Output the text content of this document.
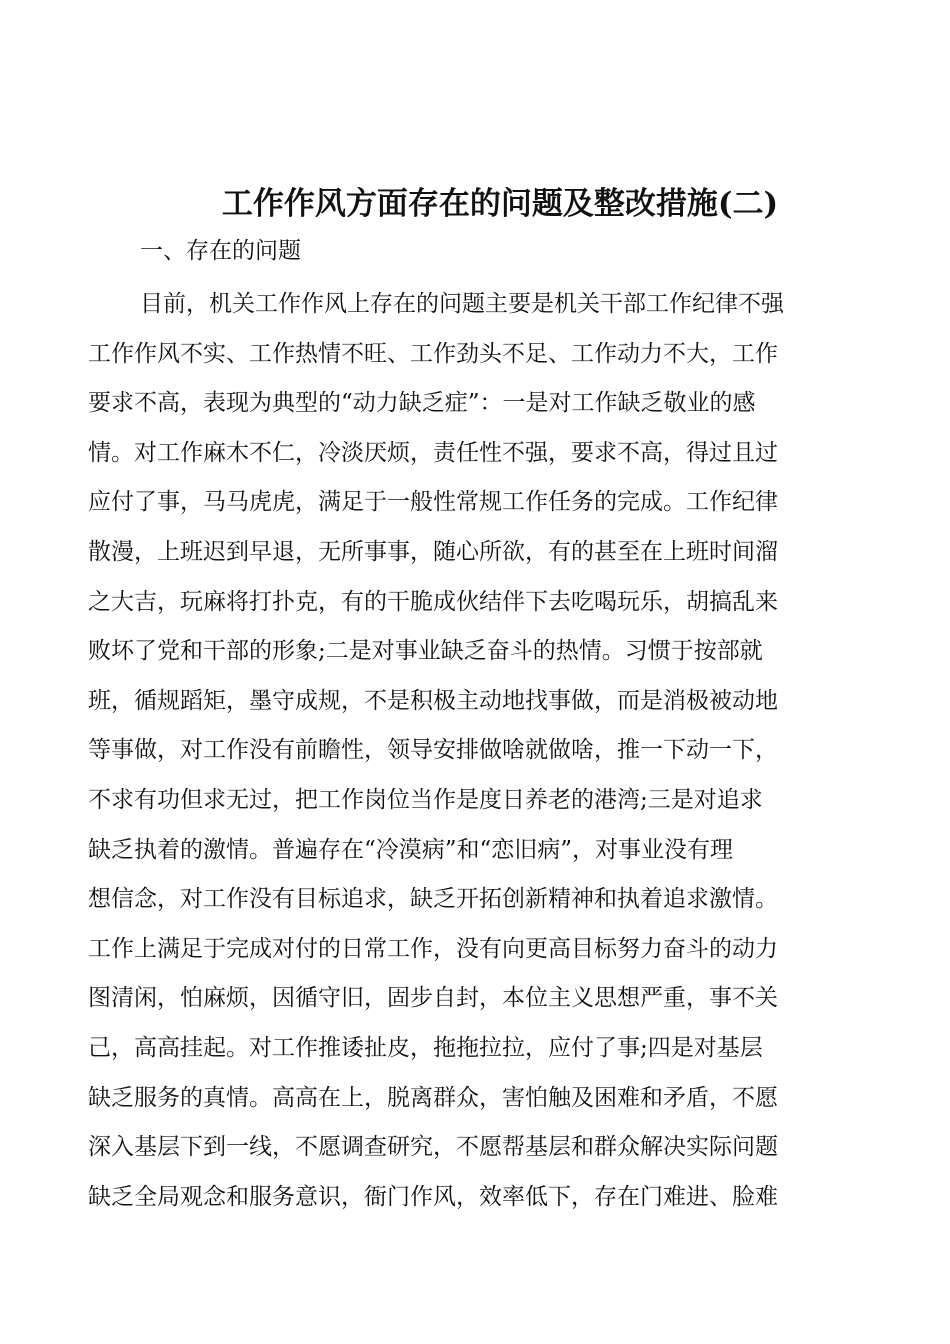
工作作风方面存在的问题及整改措施(二)
一、存在的问题
目前，机关工作作风上存在的问题主要是机关干部工作纪律不强
工作作风不实、工作热情不旺、工作劲头不足、工作动力不大，工作
要求不高，表现为典型的“动力缺乏症”：一是对工作缺乏敬业的感
情。对工作麻木不仁，冷淡厌烦，责任性不强，要求不高，得过且过
应付了事，马马虎虎，满足于一般性常规工作任务的完成。工作纪律
散漫，上班迟到早退，无所事事，随心所欲，有的甚至在上班时间溜
之大吉，玩麻将打扑克，有的干脆成伙结伴下去吃喝玩乐，胡搞乱来
败坏了党和干部的形象;二是对事业缺乏奋斗的热情。习惯于按部就
班，循规蹈矩，墨守成规，不是积极主动地找事做，而是消极被动地
等事做，对工作没有前瞻性，领导安排做啥就做啥，推一下动一下，
不求有功但求无过，把工作岗位当作是度日养老的港湾;三是对追求
缺乏执着的激情。普遍存在“冷漠病”和“恋旧病”，对事业没有理
想信念，对工作没有目标追求，缺乏开拓创新精神和执着追求激情。
工作上满足于完成对付的日常工作，没有向更高目标努力奋斗的动力
图清闲，怕麻烦，因循守旧，固步自封，本位主义思想严重，事不关
己，高高挂起。对工作推诿扯皮，拖拖拉拉，应付了事;四是对基层
缺乏服务的真情。高高在上，脱离群众，害怕触及困难和矛盾，不愿
深入基层下到一线，不愿调查研究，不愿帮基层和群众解决实际问题
缺乏全局观念和服务意识，衙门作风，效率低下，存在门难进、脸难
